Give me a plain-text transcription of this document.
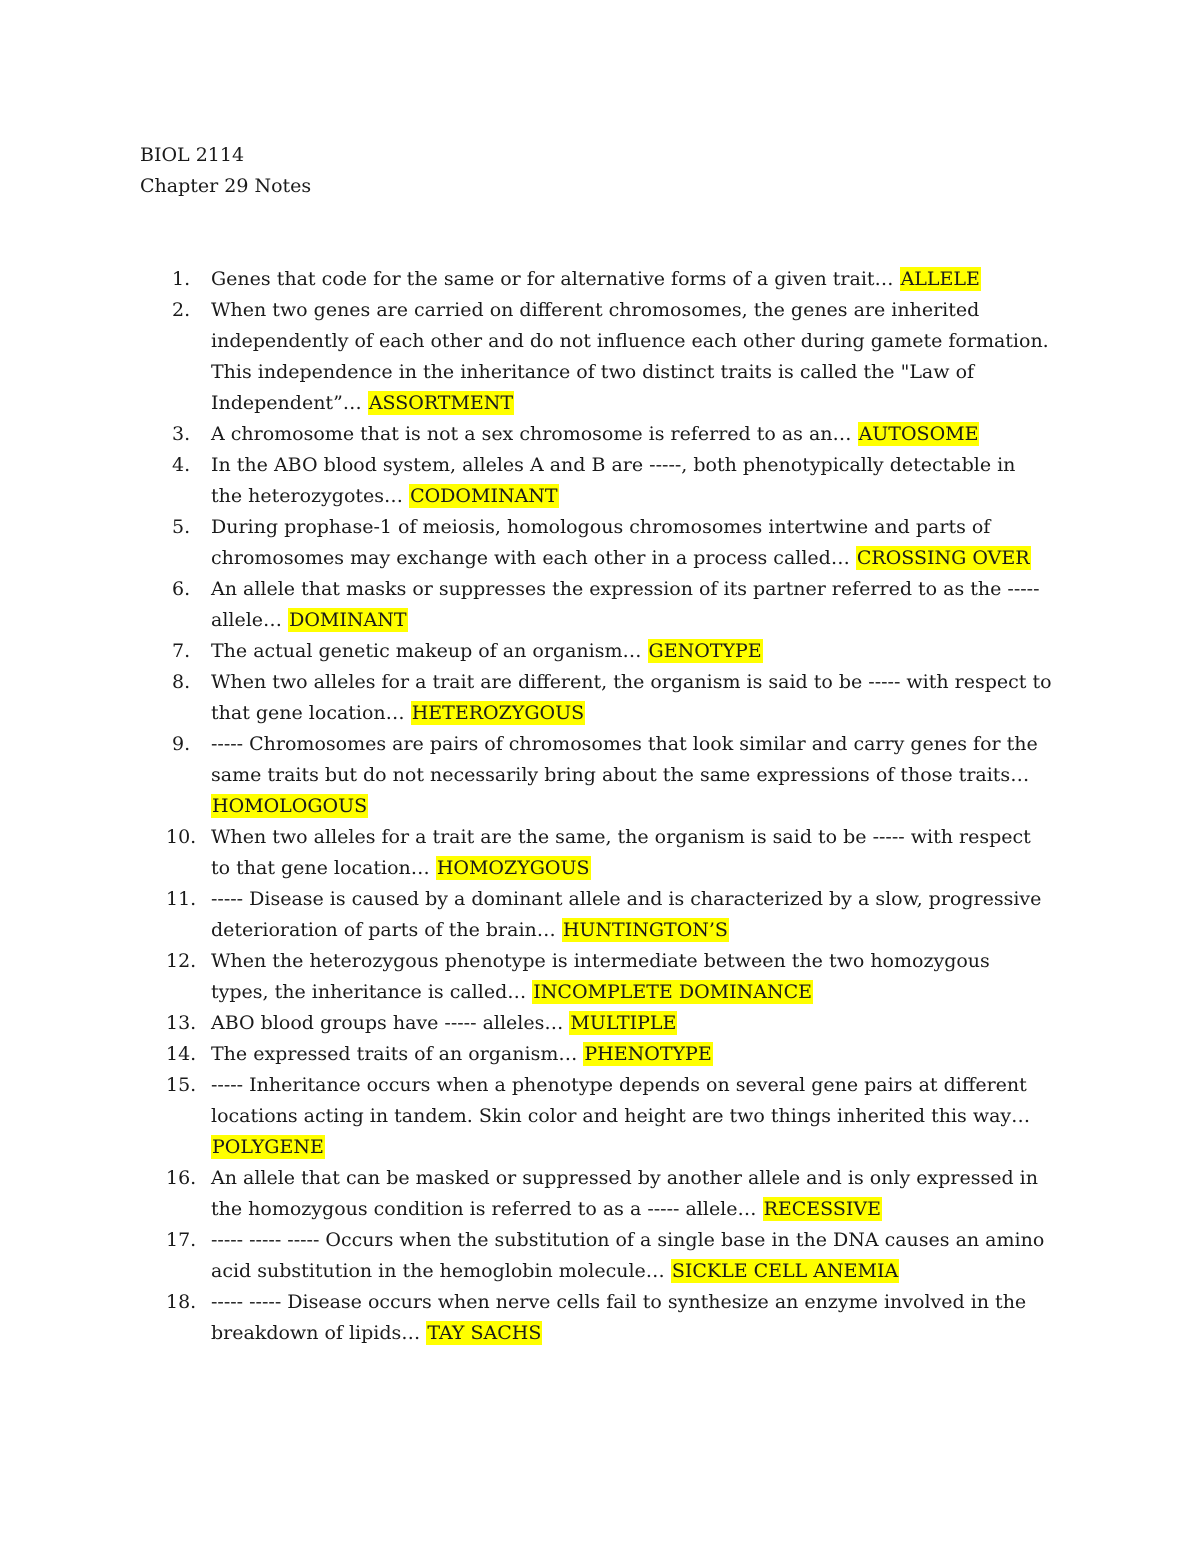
BIOL 2114
Chapter 29 Notes
1.	Genes that code for the same or for alternative forms of a given trait… ALLELE
2.	When two genes are carried on different chromosomes, the genes are inherited independently of each other and do not influence each other during gamete formation. This independence in the inheritance of two distinct traits is called the "Law of Independent”… ASSORTMENT
3.	A chromosome that is not a sex chromosome is referred to as an… AUTOSOME
4.	In the ABO blood system, alleles A and B are -----, both phenotypically detectable in the heterozygotes… CODOMINANT
5.	During prophase-1 of meiosis, homologous chromosomes intertwine and parts of chromosomes may exchange with each other in a process called… CROSSING OVER
6.	An allele that masks or suppresses the expression of its partner referred to as the ----- allele… DOMINANT
7.	The actual genetic makeup of an organism… GENOTYPE
8.	When two alleles for a trait are different, the organism is said to be ----- with respect to that gene location… HETEROZYGOUS
9.	----- Chromosomes are pairs of chromosomes that look similar and carry genes for the same traits but do not necessarily bring about the same expressions of those traits… HOMOLOGOUS
10. When two alleles for a trait are the same, the organism is said to be ----- with respect to that gene location… HOMOZYGOUS
11. ----- Disease is caused by a dominant allele and is characterized by a slow, progressive deterioration of parts of the brain… HUNTINGTON’S
12. When the heterozygous phenotype is intermediate between the two homozygous types, the inheritance is called… INCOMPLETE DOMINANCE
13. ABO blood groups have ----- alleles… MULTIPLE
14. The expressed traits of an organism… PHENOTYPE
15. ----- Inheritance occurs when a phenotype depends on several gene pairs at different locations acting in tandem. Skin color and height are two things inherited this way… POLYGENE
16. An allele that can be masked or suppressed by another allele and is only expressed in the homozygous condition is referred to as a ----- allele… RECESSIVE
17. ----- ----- ----- Occurs when the substitution of a single base in the DNA causes an amino acid substitution in the hemoglobin molecule… SICKLE CELL ANEMIA
18. ----- ----- Disease occurs when nerve cells fail to synthesize an enzyme involved in the breakdown of lipids… TAY SACHS
